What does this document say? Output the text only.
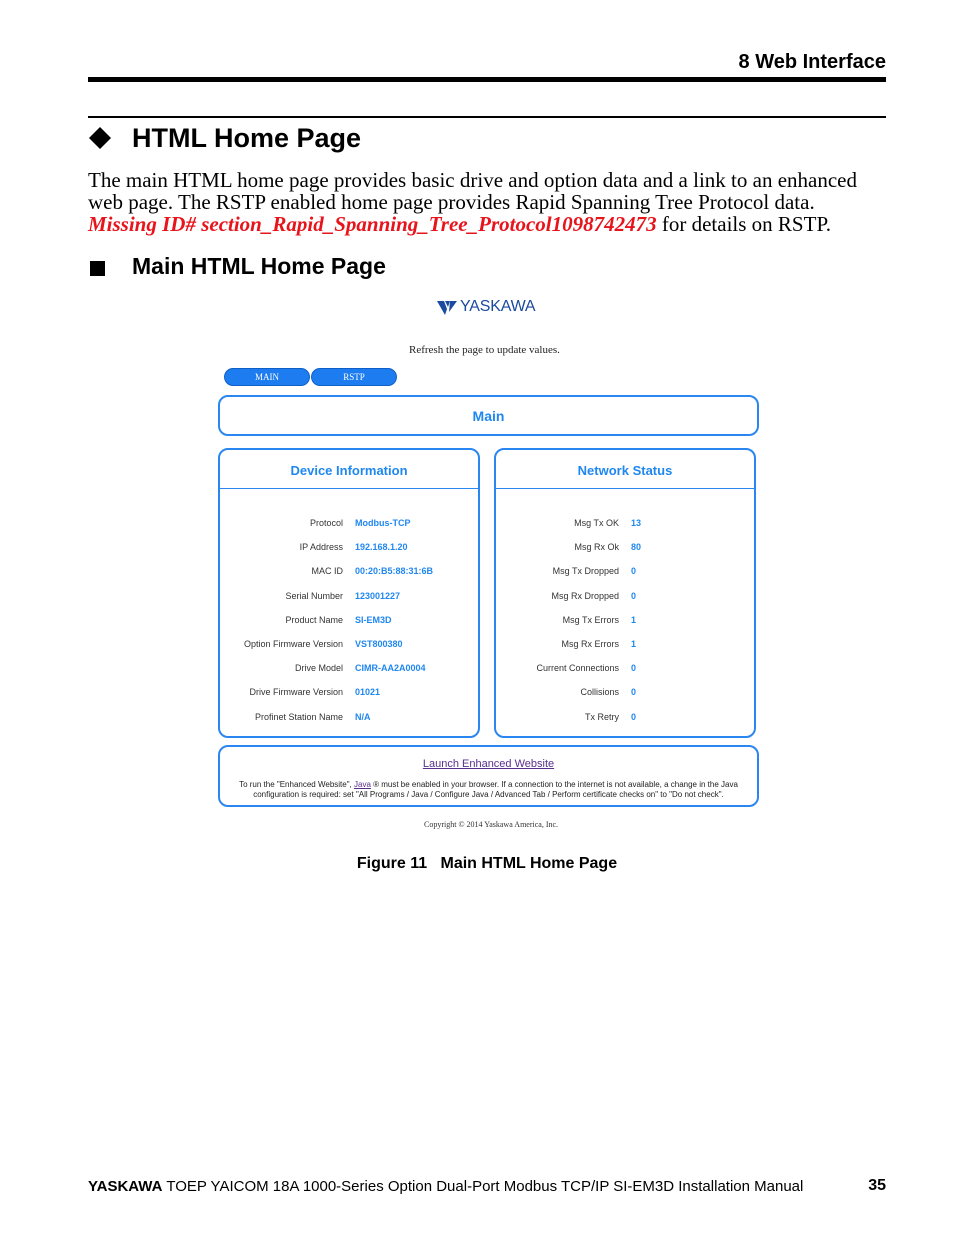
8 Web Interface
HTML Home Page
The main HTML home page provides basic drive and option data and a link to an enhanced web page. The RSTP enabled home page provides Rapid Spanning Tree Protocol data. Missing ID# section_Rapid_Spanning_Tree_Protocol1098742473 for details on RSTP.
Main HTML Home Page
YASKAWA
Refresh the page to update values.
MAIN	RSTP
Main
Device Information
Protocol Modbus-TCP
IP Address 192.168.1.20
MAC ID 00:20:B5:88:31:6B
Serial Number 123001227
Product Name SI-EM3D
Option Firmware Version VST800380
Drive Model CIMR-AA2A0004
Drive Firmware Version 01021
Profinet Station Name N/A
Network Status
Msg Tx OK 13
Msg Rx Ok 80
Msg Tx Dropped 0
Msg Rx Dropped 0
Msg Tx Errors 1
Msg Rx Errors 1
Current Connections 0
Collisions 0
Tx Retry 0
Launch Enhanced Website
To run the "Enhanced Website", Java ® must be enabled in your browser. If a connection to the internet is not available, a change in the Java configuration is required: set "All Programs / Java / Configure Java / Advanced Tab / Perform certificate checks on" to "Do not check".
Copyright © 2014 Yaskawa America, Inc.
Figure 11 Main HTML Home Page
YASKAWA TOEP YAICOM 18A 1000-Series Option Dual-Port Modbus TCP/IP SI-EM3D Installation Manual	35
